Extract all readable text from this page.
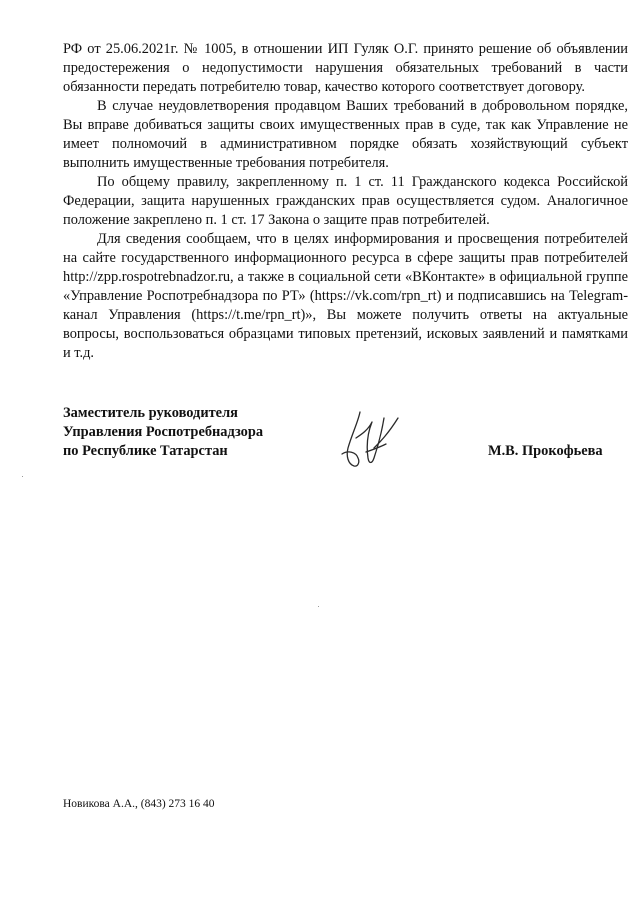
РФ от 25.06.2021г. № 1005, в отношении ИП Гуляк О.Г. принято решение об объявлении предостережения о недопустимости нарушения обязательных требований в части обязанности передать потребителю товар, качество которого соответствует договору.

В случае неудовлетворения продавцом Ваших требований в добровольном порядке, Вы вправе добиваться защиты своих имущественных прав в суде, так как Управление не имеет полномочий в административном порядке обязать хозяйствующий субъект выполнить имущественные требования потребителя.

По общему правилу, закрепленному п. 1 ст. 11 Гражданского кодекса Российской Федерации, защита нарушенных гражданских прав осуществляется судом. Аналогичное положение закреплено п. 1 ст. 17 Закона о защите прав потребителей.

Для сведения сообщаем, что в целях информирования и просвещения потребителей на сайте государственного информационного ресурса в сфере защиты прав потребителей http://zpp.rospotrebnadzor.ru, а также в социальной сети «ВКонтакте» в официальной группе «Управление Роспотребнадзора по РТ» (https://vk.com/rpn_rt) и подписавшись на Telegram-канал Управления (https://t.me/rpn_rt)», Вы можете получить ответы на актуальные вопросы, воспользоваться образцами типовых претензий, исковых заявлений и памятками и т.д.

Заместитель руководителя
Управления Роспотребнадзора
по Республике Татарстан	М.В. Прокофьева
Новикова А.А., (843) 273 16 40
